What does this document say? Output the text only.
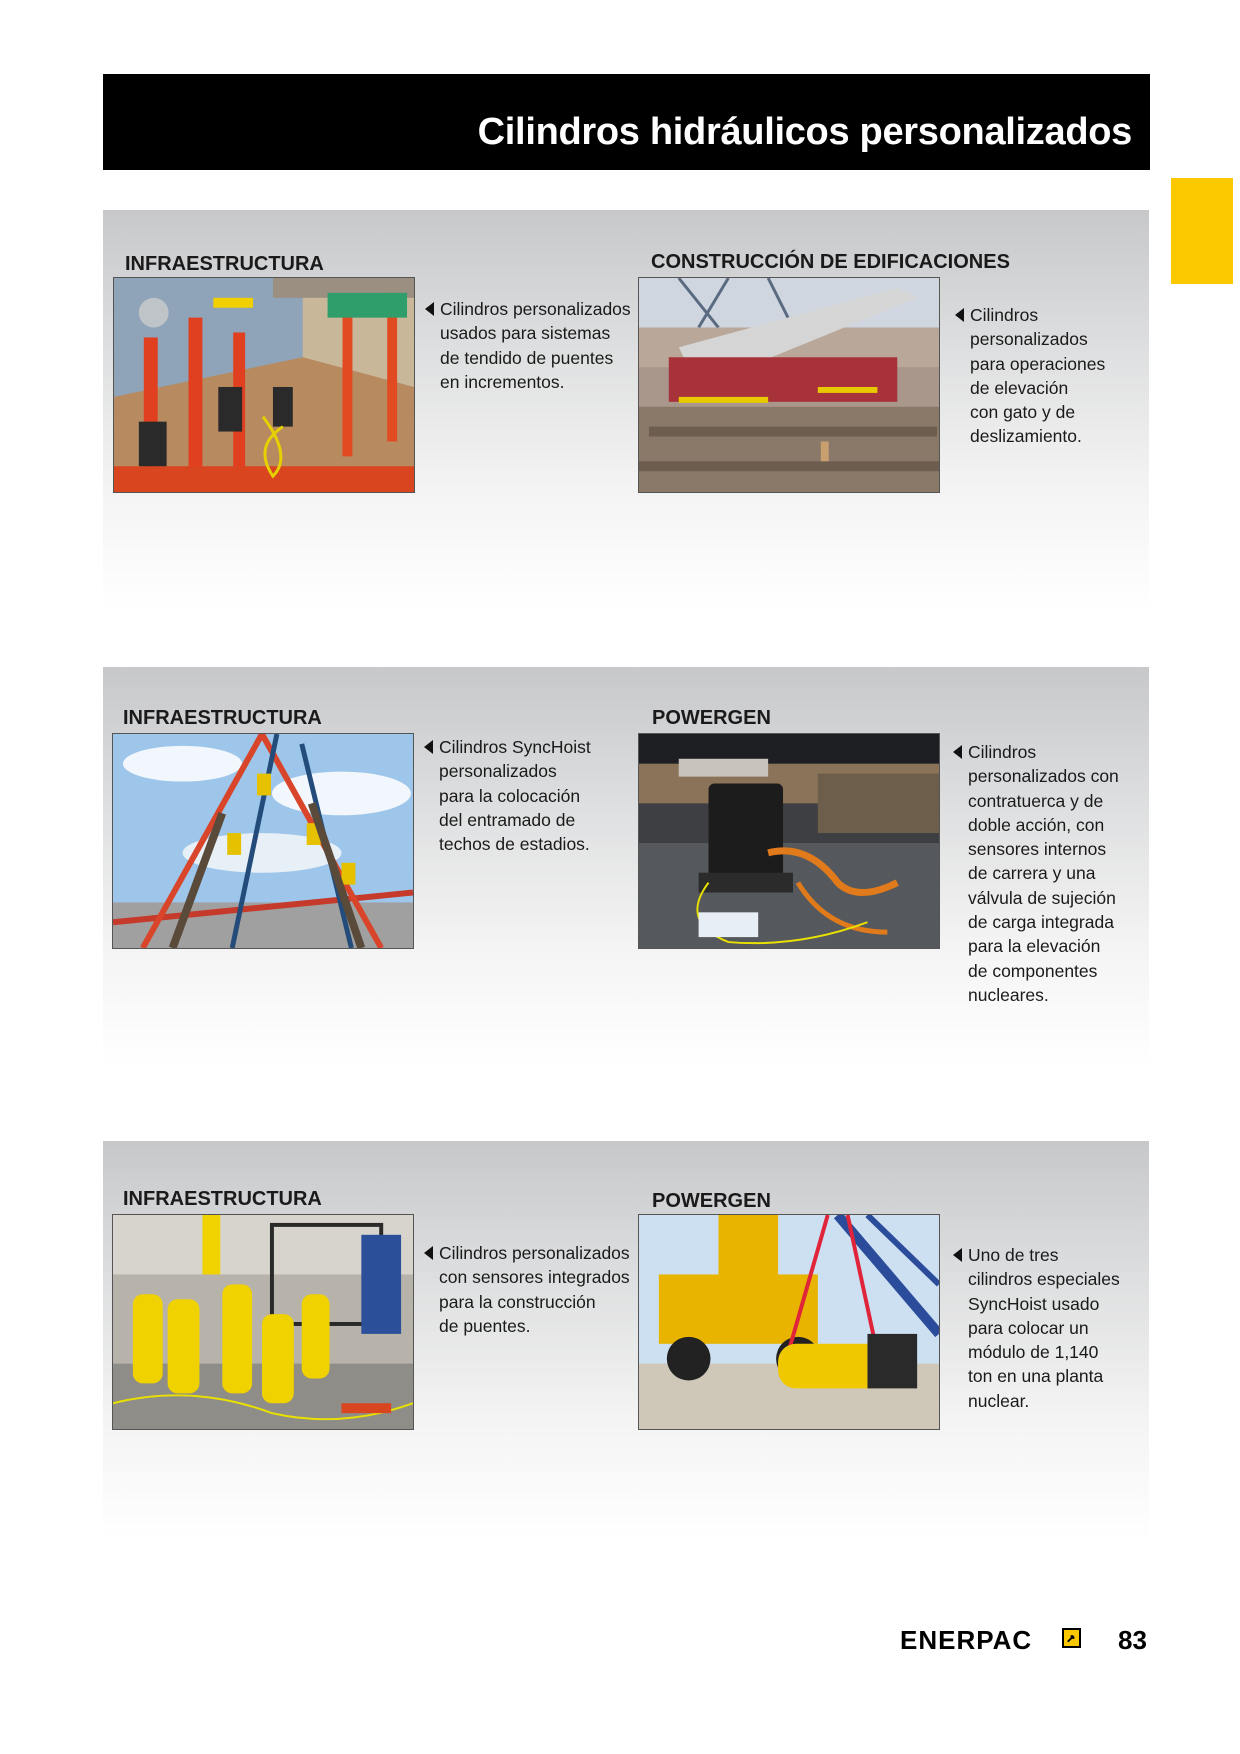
Cilindros hidráulicos personalizados
INFRAESTRUCTURA

Cilindros personalizados
usados para sistemas
de tendido de puentes
en incrementos.

CONSTRUCCIÓN DE EDIFICACIONES

Cilindros
personalizados
para operaciones
de elevación
con gato y de
deslizamiento.

INFRAESTRUCTURA

Cilindros SyncHoist
personalizados
para la colocación
del entramado de
techos de estadios.

POWERGEN

Cilindros
personalizados con
contratuerca y de
doble acción, con
sensores internos
de carrera y una
válvula de sujeción
de carga integrada
para la elevación
de componentes
nucleares.

INFRAESTRUCTURA

Cilindros personalizados
con sensores integrados
para la construcción
de puentes.

POWERGEN

Uno de tres
cilindros especiales
SyncHoist usado
para colocar un
módulo de 1,140
ton en una planta
nuclear.

ENERPAC	83
